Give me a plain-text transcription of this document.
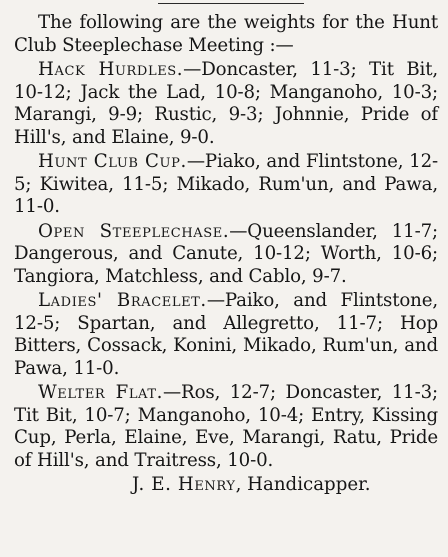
The following are the weights for the Hunt Club Steeplechase Meeting :—

Hack Hurdles.—Doncaster, 11-3; Tit Bit, 10-12; Jack the Lad, 10-8; Manganoho, 10-3; Marangi, 9-9; Rustic, 9-3; Johnnie, Pride of Hill's, and Elaine, 9-0.

Hunt Club Cup.—Piako, and Flintstone, 12-5; Kiwitea, 11-5; Mikado, Rum'un, and Pawa, 11-0.

Open Steeplechase.—Queenslander, 11-7; Dangerous, and Canute, 10-12; Worth, 10-6; Tangiora, Matchless, and Cablo, 9-7.

Ladies' Bracelet.—Paiko, and Flintstone, 12-5; Spartan, and Allegretto, 11-7; Hop Bitters, Cossack, Konini, Mikado, Rum'un, and Pawa, 11-0.

Welter Flat.—Ros, 12-7; Doncaster, 11-3; Tit Bit, 10-7; Manganoho, 10-4; Entry, Kissing Cup, Perla, Elaine, Eve, Marangi, Ratu, Pride of Hill's, and Traitress, 10-0.

J. E. Henry, Handicapper.
